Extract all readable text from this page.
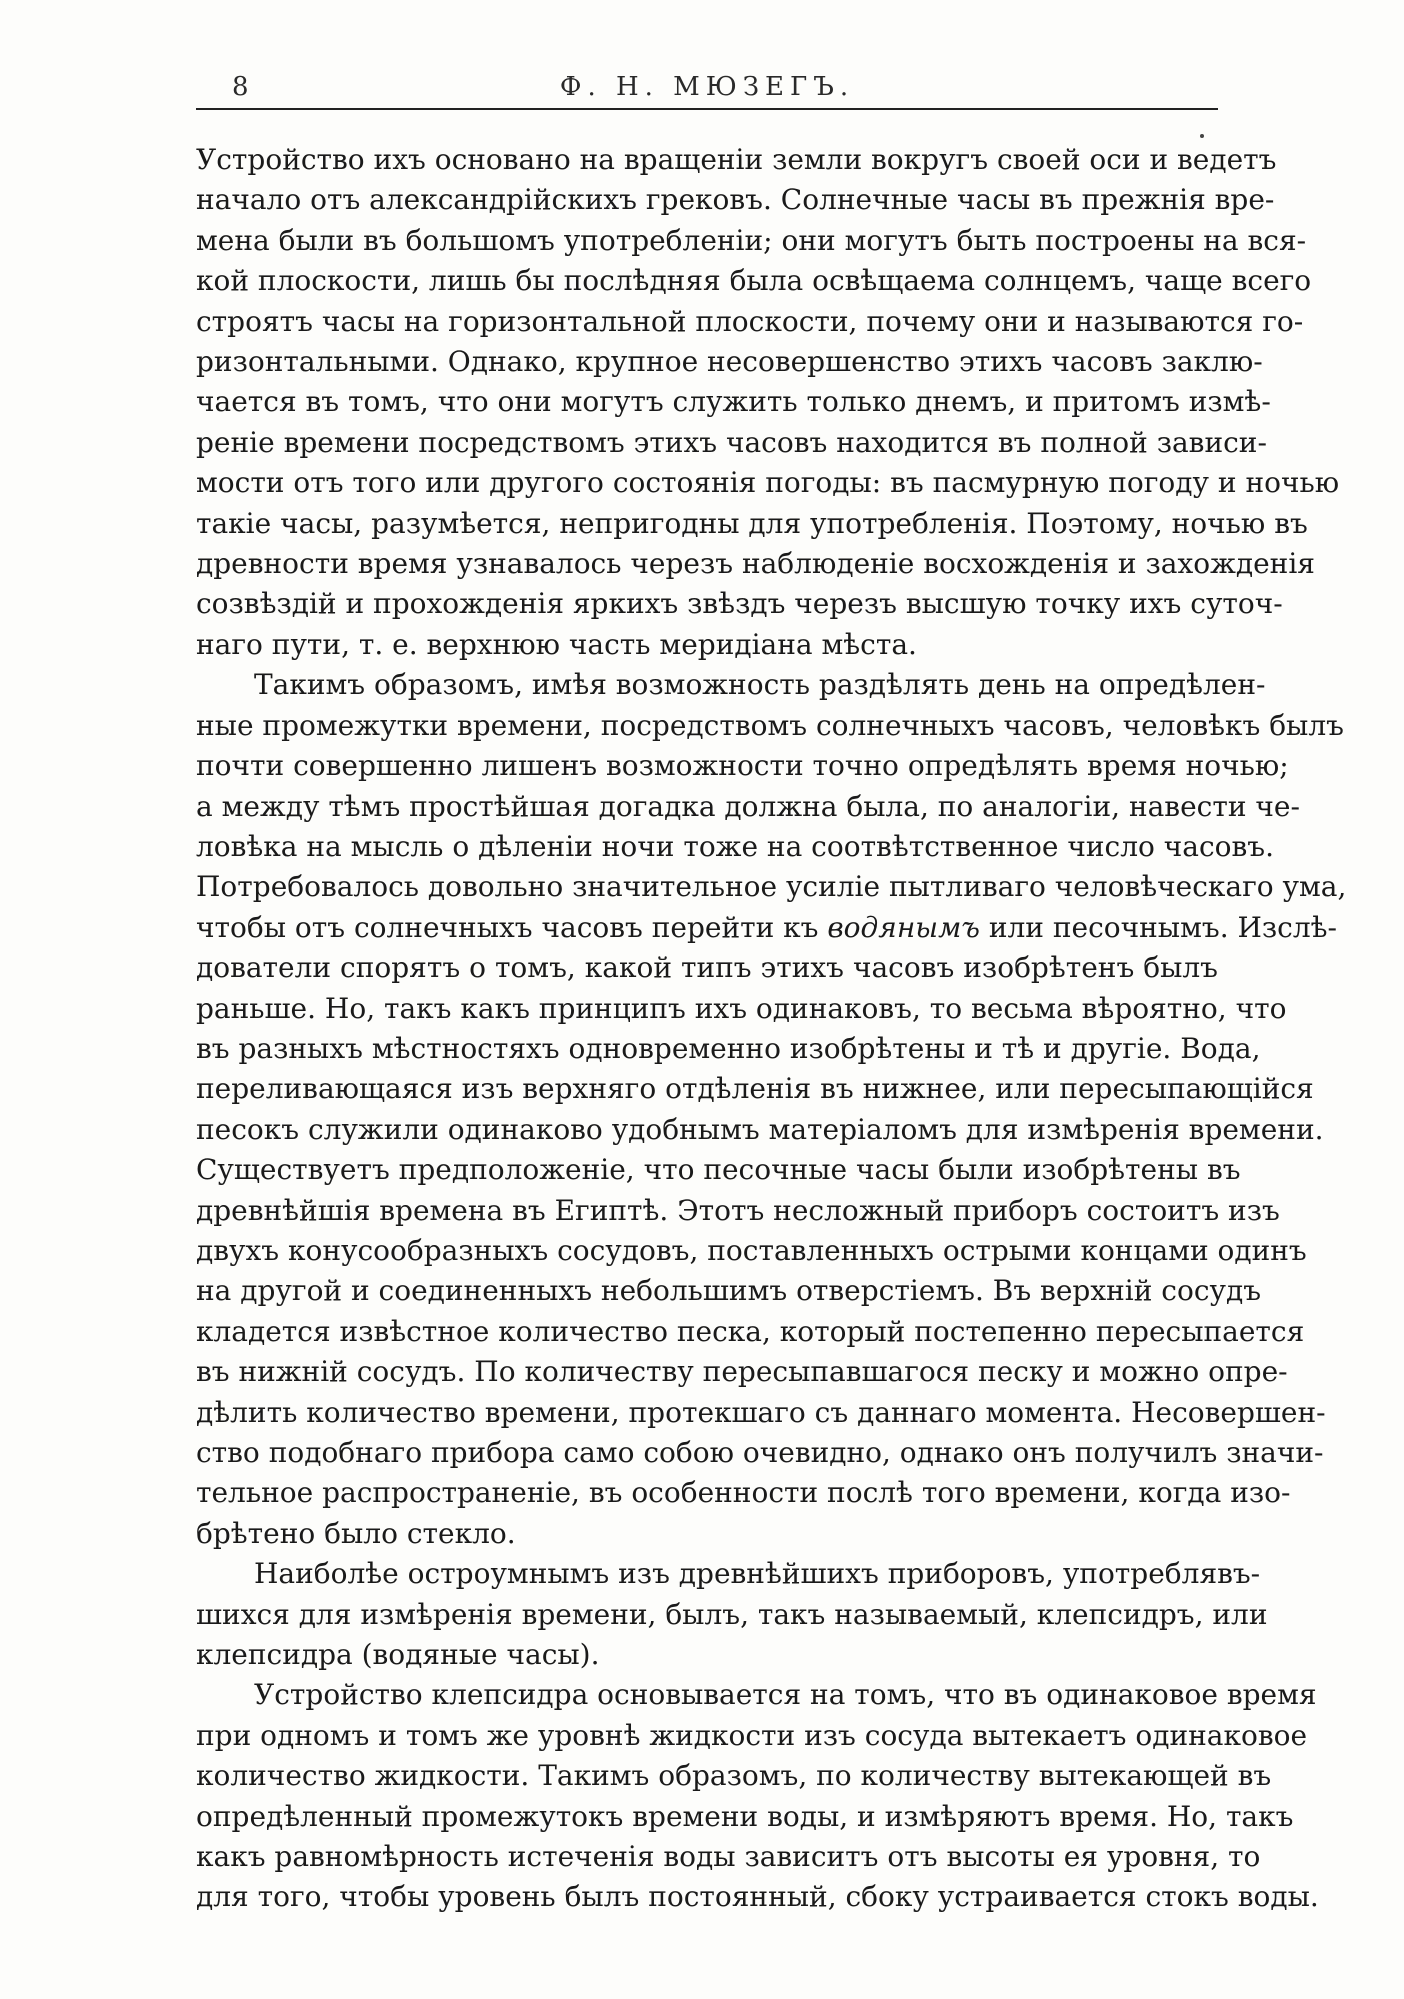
8	Ф. Н. МЮЗЕГЪ.
Устройство ихъ основано на вращенiи земли вокругъ своей оси и ведетъ
начало отъ александрiйскихъ грековъ. Солнечные часы въ прежнiя вре-
мена были въ большомъ употребленiи; они могутъ быть построены на вся-
кой плоскости, лишь бы послѣдняя была освѣщаема солнцемъ, чаще всего
строятъ часы на горизонтальной плоскости, почему они и называются го-
ризонтальными. Однако, крупное несовершенство этихъ часовъ заклю-
чается въ томъ, что они могутъ служить только днемъ, и притомъ измѣ-
ренiе времени посредствомъ этихъ часовъ находится въ полной зависи-
мости отъ того или другого состоянiя погоды: въ пасмурную погоду и ночью
такiе часы, разумѣется, непригодны для употребленiя. Поэтому, ночью въ
древности время узнавалось черезъ наблюденiе восхожденiя и захожденiя
созвѣздiй и прохожденiя яркихъ звѣздъ черезъ высшую точку ихъ суточ-
наго пути, т. е. верхнюю часть меридiана мѣста.
Такимъ образомъ, имѣя возможность раздѣлять день на опредѣлен-
ные промежутки времени, посредствомъ солнечныхъ часовъ, человѣкъ былъ
почти совершенно лишенъ возможности точно опредѣлять время ночью;
а между тѣмъ простѣйшая догадка должна была, по аналогiи, навести че-
ловѣка на мысль о дѣленiи ночи тоже на соотвѣтственное число часовъ.
Потребовалось довольно значительное усилiе пытливаго человѣческаго ума,
чтобы отъ солнечныхъ часовъ перейти къ водянымъ или песочнымъ. Изслѣ-
дователи спорятъ о томъ, какой типъ этихъ часовъ изобрѣтенъ былъ
раньше. Но, такъ какъ принципъ ихъ одинаковъ, то весьма вѣроятно, что
въ разныхъ мѣстностяхъ одновременно изобрѣтены и тѣ и другiе. Вода,
переливающаяся изъ верхняго отдѣленiя въ нижнее, или пересыпающiйся
песокъ служили одинаково удобнымъ матерiаломъ для измѣренiя времени.
Существуетъ предположенiе, что песочные часы были изобрѣтены въ
древнѣйшiя времена въ Египтѣ. Этотъ несложный приборъ состоитъ изъ
двухъ конусообразныхъ сосудовъ, поставленныхъ острыми концами одинъ
на другой и соединенныхъ небольшимъ отверстiемъ. Въ верхнiй сосудъ
кладется извѣстное количество песка, который постепенно пересыпается
въ нижнiй сосудъ. По количеству пересыпавшагося песку и можно опре-
дѣлить количество времени, протекшаго съ даннаго момента. Несовершен-
ство подобнаго прибора само собою очевидно, однако онъ получилъ значи-
тельное распространенiе, въ особенности послѣ того времени, когда изо-
брѣтено было стекло.
Наиболѣе остроумнымъ изъ древнѣйшихъ приборовъ, употреблявъ-
шихся для измѣренiя времени, былъ, такъ называемый, клепсидръ, или
клепсидра (водяные часы).
Устройство клепсидра основывается на томъ, что въ одинаковое время
при одномъ и томъ же уровнѣ жидкости изъ сосуда вытекаетъ одинаковое
количество жидкости. Такимъ образомъ, по количеству вытекающей въ
опредѣленный промежутокъ времени воды, и измѣряютъ время. Но, такъ
какъ равномѣрность истеченiя воды зависитъ отъ высоты ея уровня, то
для того, чтобы уровень былъ постоянный, сбоку устраивается стокъ воды.
